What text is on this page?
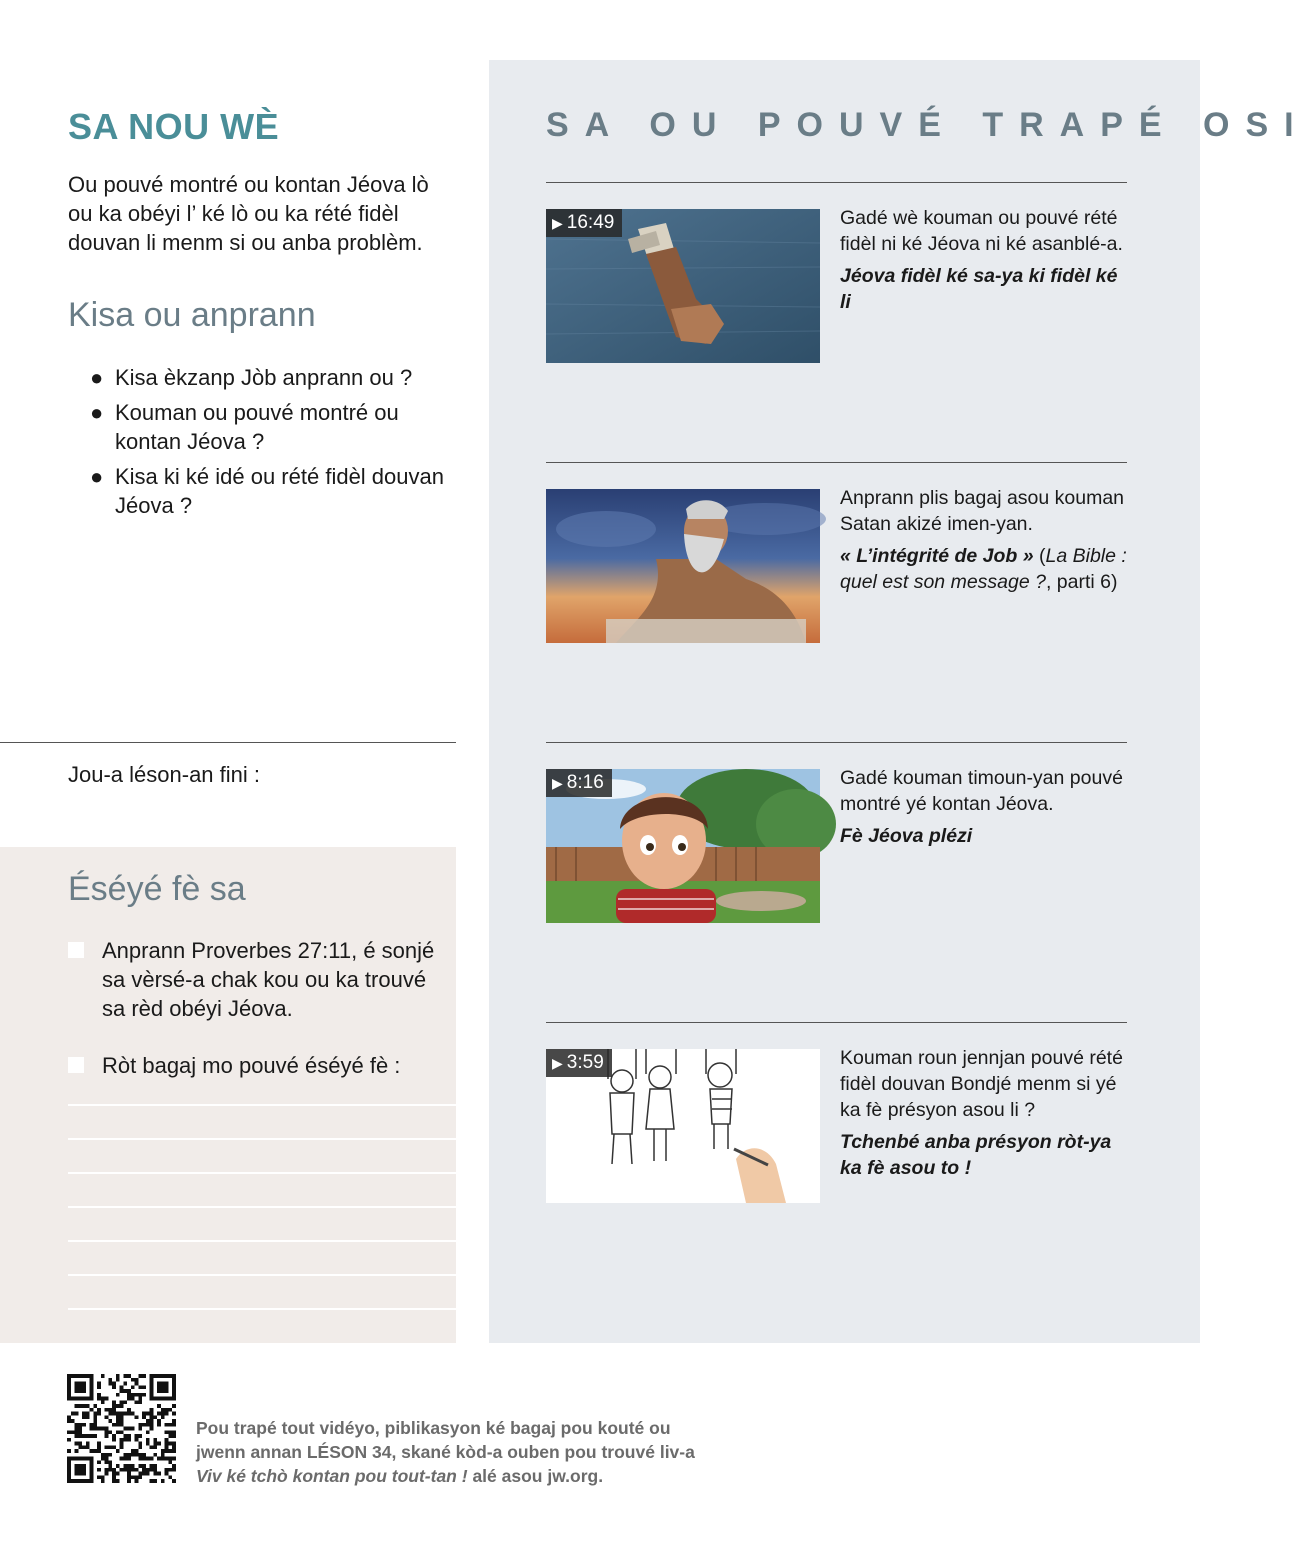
SA NOU WÈ

Ou pouvé montré ou kontan Jéova lò ou ka obéyi l’ ké lò ou ka rété fidèl douvan li menm si ou anba problèm.

Kisa ou anprann
● Kisa èkzanp Jòb anprann ou ?
● Kouman ou pouvé montré ou kontan Jéova ?
● Kisa ki ké idé ou rété fidèl douvan Jéova ?
Jou-a léson-an fini :
Éséyé fè sa
Anprann Proverbes 27:11, é sonjé sa vèrsé-a chak kou ou ka trouvé sa rèd obéyi Jéova.
Ròt bagaj mo pouvé éséyé fè :
SA OU POUVÉ TRAPÉ OSI
▶ 16:49	Gadé wè kouman ou pouvé rété fidèl ni ké Jéova ni ké asanblé-a.
Jéova fidèl ké sa-ya ki fidèl ké li
Anprann plis bagaj asou kouman Satan akizé imen-yan.
« L’intégrité de Job » (La Bible : quel est son message ?, parti 6)
▶ 8:16	Gadé kouman timoun-yan pouvé montré yé kontan Jéova.
Fè Jéova plézi
▶ 3:59	Kouman roun jennjan pouvé rété fidèl douvan Bondjé menm si yé ka fè présyon asou li ?
Tchenbé anba présyon ròt-ya ka fè asou to !

Pou trapé tout vidéyo, piblikasyon ké bagaj pou kouté ou jwenn annan LÉSON 34, skané kòd-a ouben pou trouvé liv-a Viv ké tchò kontan pou tout-tan ! alé asou jw.org.
